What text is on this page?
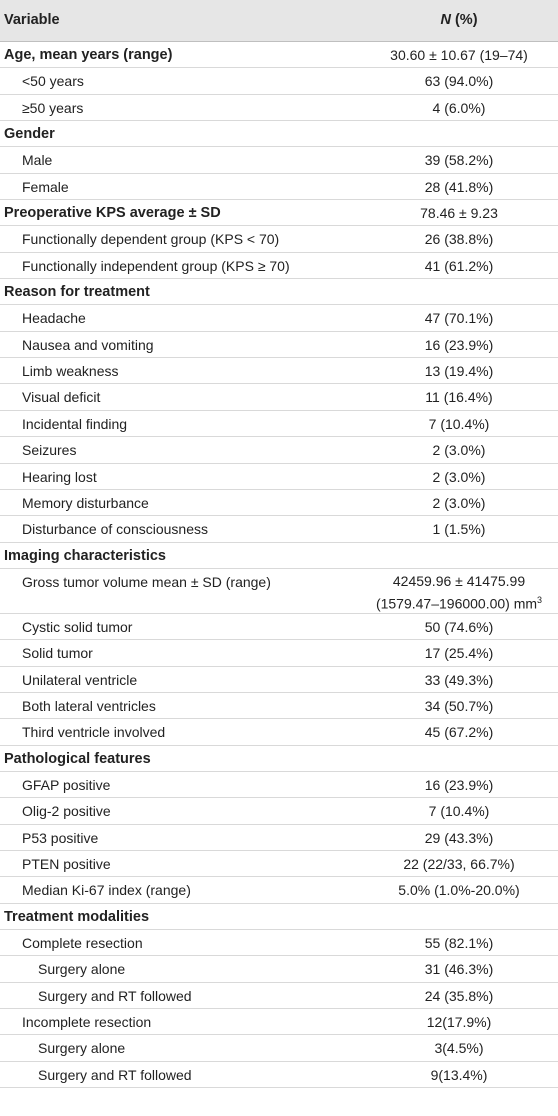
Variable	N (%)
Age, mean years (range)	30.60 ± 10.67 (19–74)
<50 years	63 (94.0%)
≥50 years	4 (6.0%)
Gender
Male	39 (58.2%)
Female	28 (41.8%)
Preoperative KPS average ± SD	78.46 ± 9.23
Functionally dependent group (KPS < 70)	26 (38.8%)
Functionally independent group (KPS ≥ 70)	41 (61.2%)
Reason for treatment
Headache	47 (70.1%)
Nausea and vomiting	16 (23.9%)
Limb weakness	13 (19.4%)
Visual deficit	11 (16.4%)
Incidental finding	7 (10.4%)
Seizures	2 (3.0%)
Hearing lost	2 (3.0%)
Memory disturbance	2 (3.0%)
Disturbance of consciousness	1 (1.5%)
Imaging characteristics
Gross tumor volume mean ± SD (range)	42459.96 ± 41475.99
(1579.47–196000.00) $mm^3$
Cystic solid tumor	50 (74.6%)
Solid tumor	17 (25.4%)
Unilateral ventricle	33 (49.3%)
Both lateral ventricles	34 (50.7%)
Third ventricle involved	45 (67.2%)
Pathological features
GFAP positive	16 (23.9%)
Olig-2 positive	7 (10.4%)
P53 positive	29 (43.3%)
PTEN positive	22 (22/33, 66.7%)
Median Ki-67 index (range)	5.0% (1.0%-20.0%)
Treatment modalities
Complete resection	55 (82.1%)
Surgery alone	31 (46.3%)
Surgery and RT followed	24 (35.8%)
Incomplete resection	12(17.9%)
Surgery alone	3(4.5%)
Surgery and RT followed	9(13.4%)
